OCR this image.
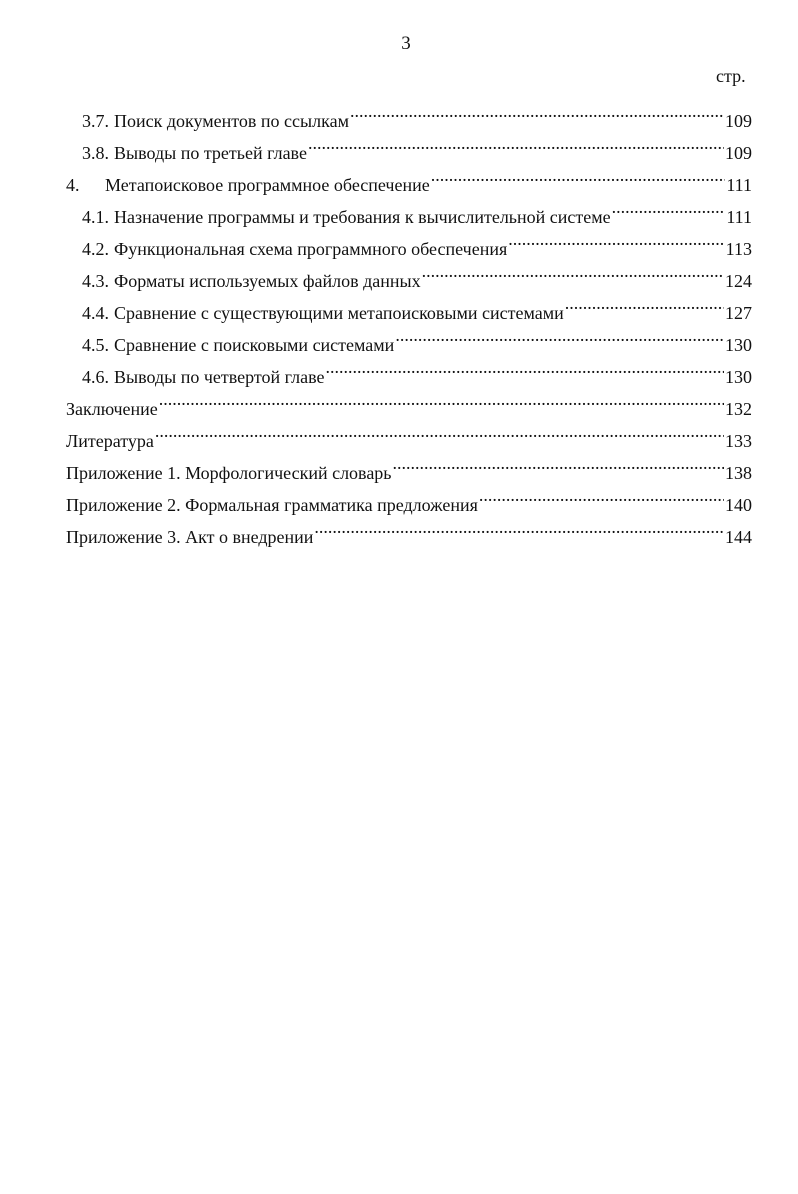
3
стр.
3.7. Поиск документов по ссылкам .....	109
3.8. Выводы по третьей главе .....	109
4.	Метапоисковое программное обеспечение .....	111
4.1. Назначение программы и требования к вычислительной системе .....	111
4.2. Функциональная схема программного обеспечения .....	113
4.3. Форматы используемых файлов данных .....	124
4.4. Сравнение с существующими метапоисковыми системами .....	127
4.5. Сравнение с поисковыми системами .....	130
4.6. Выводы по четвертой главе .....	130
Заключение .....	132
Литература .....	133
Приложение 1. Морфологический словарь .....	138
Приложение 2. Формальная грамматика предложения .....	140
Приложение 3. Акт о внедрении .....	144
